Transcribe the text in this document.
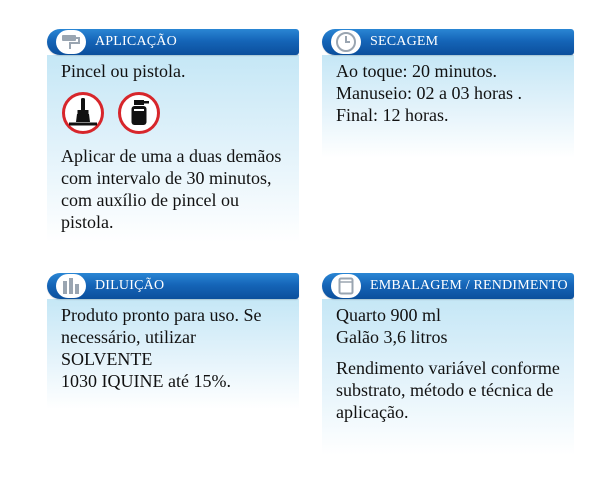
APLICAÇÃO

Pincel ou pistola.

Aplicar de uma a duas demãos

com intervalo de 30 minutos,

com auxílio de pincel ou pistola.

SECAGEM

Ao toque: 20 minutos.

Manuseio: 02 a 03 horas .

Final: 12 horas.

DILUIÇÃO

Produto pronto para uso. Se

necessário, utilizar SOLVENTE

1030 IQUINE até 15%.

EMBALAGEM / RENDIMENTO

Quarto 900 ml

Galão 3,6 litros

Rendimento variável conforme

substrato, método e técnica de

aplicação.
